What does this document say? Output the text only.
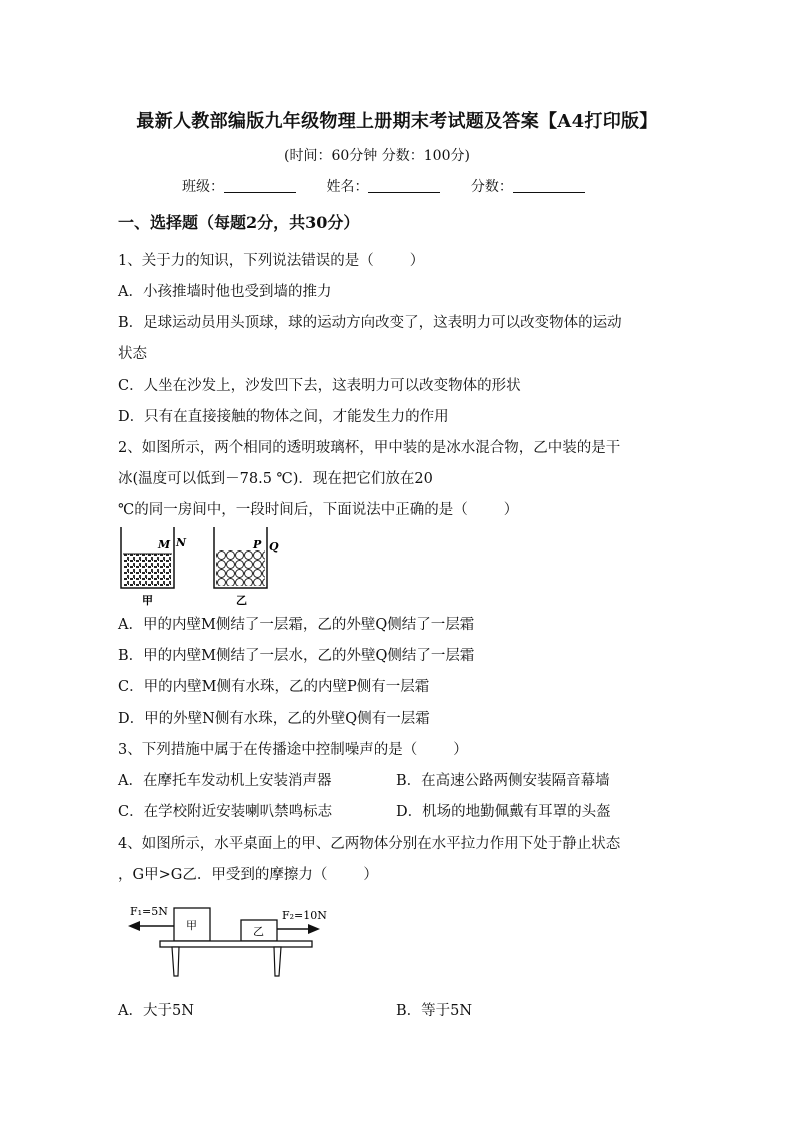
最新人教部编版九年级物理上册期末考试题及答案【A4打印版】
(时间：60分钟 分数：100分)
班级：	姓名：	分数：
一、选择题（每题2分，共30分）
1、关于力的知识，下列说法错误的是（ ）
A．小孩推墙时他也受到墙的推力
B．足球运动员用头顶球，球的运动方向改变了，这表明力可以改变物体的运动
状态
C．人坐在沙发上，沙发凹下去，这表明力可以改变物体的形状
D．只有在直接接触的物体之间，才能发生力的作用
2、如图所示，两个相同的透明玻璃杯，甲中装的是冰水混合物，乙中装的是干
冰(温度可以低到－78.5 ℃)．现在把它们放在20
℃的同一房间中，一段时间后，下面说法中正确的是（ ）
M N
甲
P Q
乙
A．甲的内壁M侧结了一层霜，乙的外壁Q侧结了一层霜
B．甲的内壁M侧结了一层水，乙的外壁Q侧结了一层霜
C．甲的内壁M侧有水珠，乙的内壁P侧有一层霜
D．甲的外壁N侧有水珠，乙的外壁Q侧有一层霜
3、下列措施中属于在传播途中控制噪声的是（ ）
A．在摩托车发动机上安装消声器	B．在高速公路两侧安装隔音幕墙
C．在学校附近安装喇叭禁鸣标志	D．机场的地勤佩戴有耳罩的头盔
4、如图所示，水平桌面上的甲、乙两物体分别在水平拉力作用下处于静止状态
，G甲>G乙．甲受到的摩擦力（ ）
F₁=5N
甲	乙
F₂=10N
A．大于5N	B．等于5N
